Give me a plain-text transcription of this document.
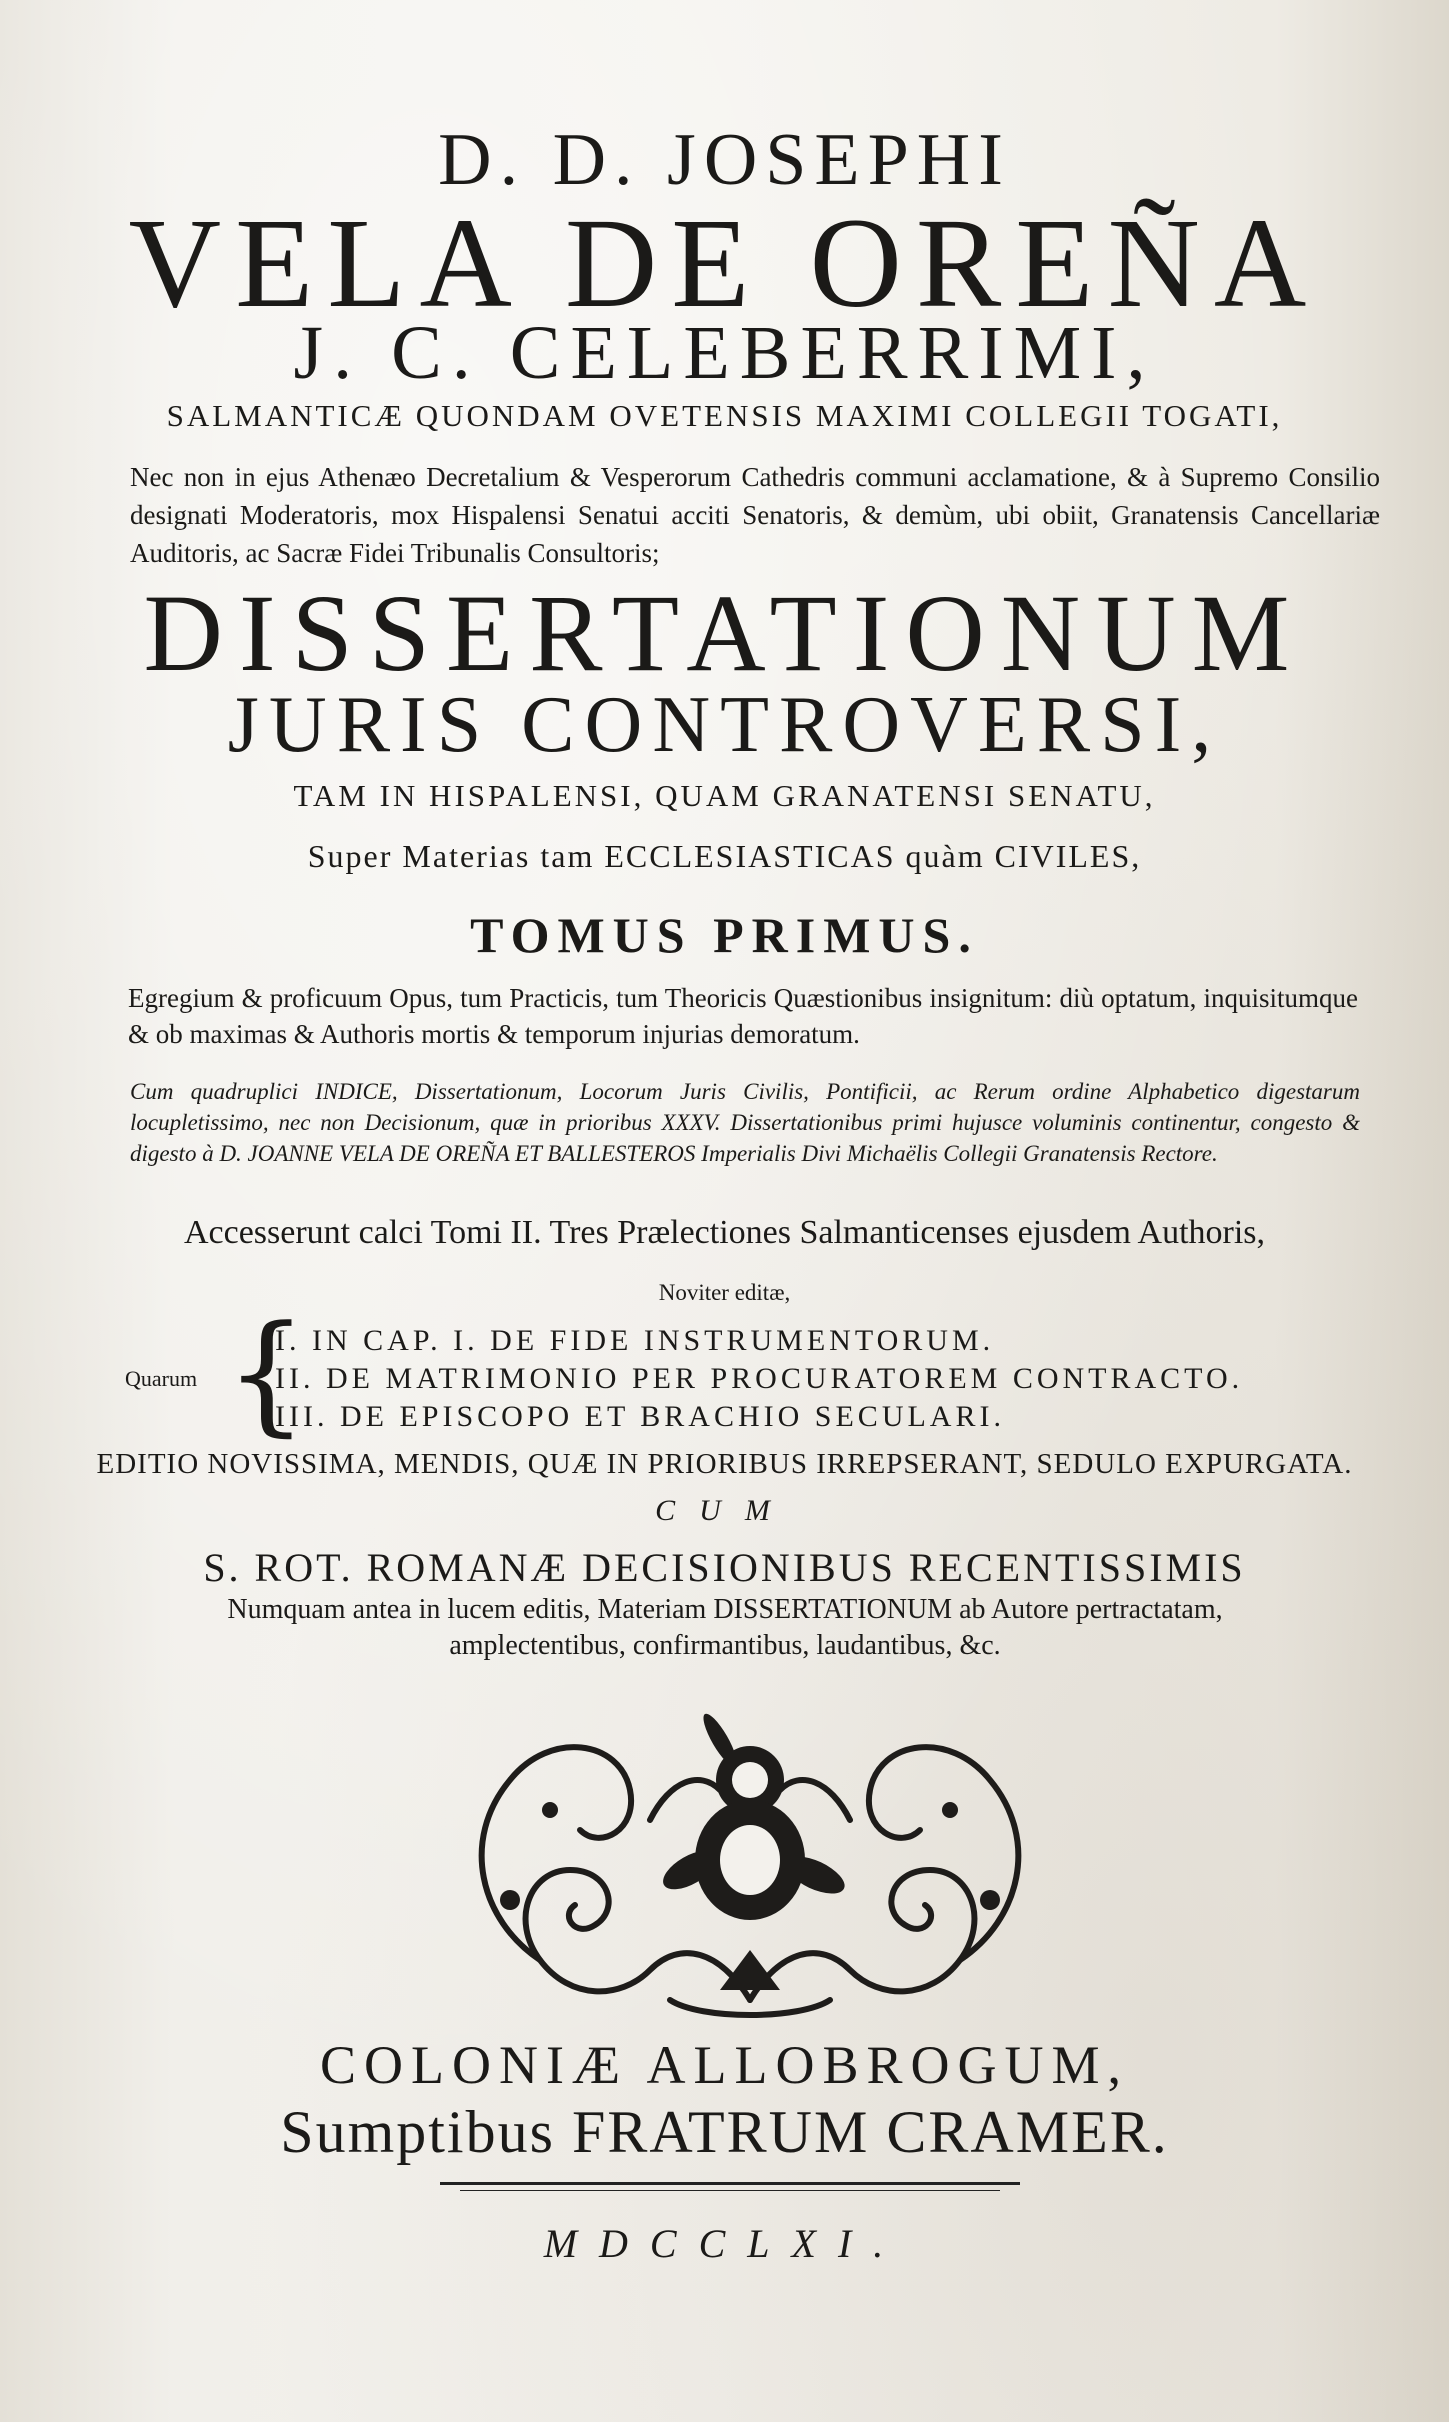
D. D. JOSEPHI
VELA DE OREÑA
J. C. CELEBERRIMI,
SALMANTICÆ QUONDAM OVETENSIS MAXIMI COLLEGII TOGATI,
Nec non in ejus Athenæo Decretalium & Vesperorum Cathedris communi acclamatione, & à Supremo Consilio designati Moderatoris, mox Hispalensi Senatui acciti Senatoris, & demùm, ubi obiit, Granatensis Cancellariæ Auditoris, ac Sacræ Fidei Tribunalis Consultoris;
DISSERTATIONUM
JURIS CONTROVERSI,
TAM IN HISPALENSI, QUAM GRANATENSI SENATU,
Super Materias tam ECCLESIASTICAS quàm CIVILES,
TOMUS PRIMUS.
Egregium & proficuum Opus, tum Practicis, tum Theoricis Quæstionibus insignitum: diù optatum, inquisitumque & ob maximas & Authoris mortis & temporum injurias demoratum.
Cum quadruplici INDICE, Dissertationum, Locorum Juris Civilis, Pontificii, ac Rerum ordine Alphabetico digestarum locupletissimo, nec non Decisionum, quæ in prioribus XXXV. Dissertationibus primi hujusce voluminis continentur, congesto & digesto à D. JOANNE VELA DE OREÑA ET BALLESTEROS Imperialis Divi Michaëlis Collegii Granatensis Rectore.
Accesserunt calci Tomi II. Tres Prælectiones Salmanticenses ejusdem Authoris,
Noviter editæ,
Quarum {
I. IN CAP. I. DE FIDE INSTRUMENTORUM.
II. DE MATRIMONIO PER PROCURATOREM CONTRACTO.
III. DE EPISCOPO ET BRACHIO SECULARI.
EDITIO NOVISSIMA, MENDIS, QUÆ IN PRIORIBUS IRREPSERANT, SEDULO EXPURGATA.
CUM
S. ROT. ROMANÆ DECISIONIBUS RECENTISSIMIS
Numquam antea in lucem editis, Materiam DISSERTATIONUM ab Autore pertractatam, amplectentibus, confirmantibus, laudantibus, &c.
COLONIÆ ALLOBROGUM,
Sumptibus FRATRUM CRAMER.
MDCCLXI.
